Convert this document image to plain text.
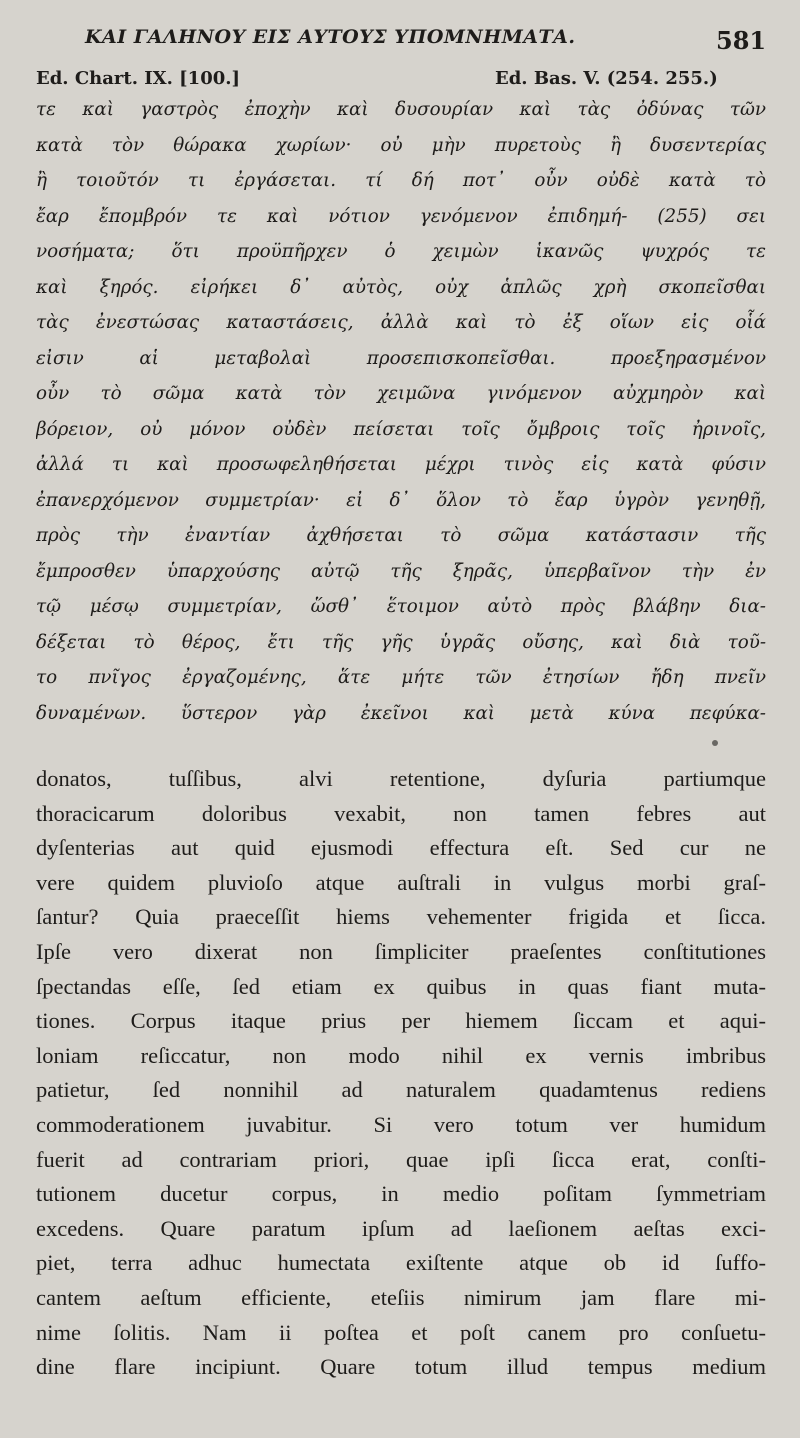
ΚΑΙ ΓΑΛΗΝΟΥ ΕΙΣ ΑΥΤΟΥΣ ΥΠΟΜΝΗΜΑΤΑ.	581
Ed. Chart. IX. [100.]	Ed. Bas. V. (254. 255.)
τε καὶ γαστρὸς ἐποχὴν καὶ δυσουρίαν καὶ τὰς ὀδύνας τῶν
κατὰ τὸν θώρακα χωρίων· οὐ μὴν πυρετοὺς ἢ δυσεντερίας
ἢ τοιοῦτόν τι ἐργάσεται. τί δή ποτ᾽ οὖν οὐδὲ κατὰ τὸ
ἔαρ ἔπομβρόν τε καὶ νότιον γενόμενον ἐπιδημή- (255) σει
νοσήματα; ὅτι προϋπῆρχεν ὁ χειμὼν ἱκανῶς ψυχρός τε
καὶ ξηρός. εἰρήκει δ᾽ αὐτὸς, οὐχ ἁπλῶς χρὴ σκοπεῖσθαι
τὰς ἐνεστώσας καταστάσεις, ἀλλὰ καὶ τὸ ἐξ οἵων εἰς οἷά
εἰσιν αἱ μεταβολαὶ προσεπισκοπεῖσθαι. προεξηρασμένον
οὖν τὸ σῶμα κατὰ τὸν χειμῶνα γινόμενον αὐχμηρὸν καὶ
βόρειον, οὐ μόνον οὐδὲν πείσεται τοῖς ὄμβροις τοῖς ἠρινοῖς,
ἀλλά τι καὶ προσωφεληθήσεται μέχρι τινὸς εἰς κατὰ φύσιν
ἐπανερχόμενον συμμετρίαν· εἰ δ᾽ ὅλον τὸ ἔαρ ὑγρὸν γενηθῇ,
πρὸς τὴν ἐναντίαν ἀχθήσεται τὸ σῶμα κατάστασιν τῆς
ἔμπροσθεν ὑπαρχούσης αὐτῷ τῆς ξηρᾶς, ὑπερβαῖνον τὴν ἐν
τῷ μέσῳ συμμετρίαν, ὥσθ᾽ ἕτοιμον αὐτὸ πρὸς βλάβην δια-
δέξεται τὸ θέρος, ἔτι τῆς γῆς ὑγρᾶς οὔσης, καὶ διὰ τοῦ-
το πνῖγος ἐργαζομένης, ἅτε μήτε τῶν ἐτησίων ἤδη πνεῖν
δυναμένων. ὕστερον γὰρ ἐκεῖνοι καὶ μετὰ κύνα πεφύκα-
donatos, tuſſibus, alvi retentione, dyſuria partiumque
thoracicarum doloribus vexabit, non tamen febres aut
dyſenterias aut quid ejusmodi effectura eſt. Sed cur ne
vere quidem pluvioſo atque auſtrali in vulgus morbi graſ-
ſantur? Quia praeceſſit hiems vehementer frigida et ſicca.
Ipſe vero dixerat non ſimpliciter praeſentes conſtitutiones
ſpectandas eſſe, ſed etiam ex quibus in quas fiant muta-
tiones. Corpus itaque prius per hiemem ſiccam et aqui-
loniam reſiccatur, non modo nihil ex vernis imbribus
patietur, ſed nonnihil ad naturalem quadamtenus rediens
commoderationem juvabitur. Si vero totum ver humidum
fuerit ad contrariam priori, quae ipſi ſicca erat, conſti-
tutionem ducetur corpus, in medio poſitam ſymmetriam
excedens. Quare paratum ipſum ad laeſionem aeſtas exci-
piet, terra adhuc humectata exiſtente atque ob id ſuffo-
cantem aeſtum efficiente, eteſiis nimirum jam flare mi-
nime ſolitis. Nam ii poſtea et poſt canem pro conſuetu-
dine flare incipiunt. Quare totum illud tempus medium
